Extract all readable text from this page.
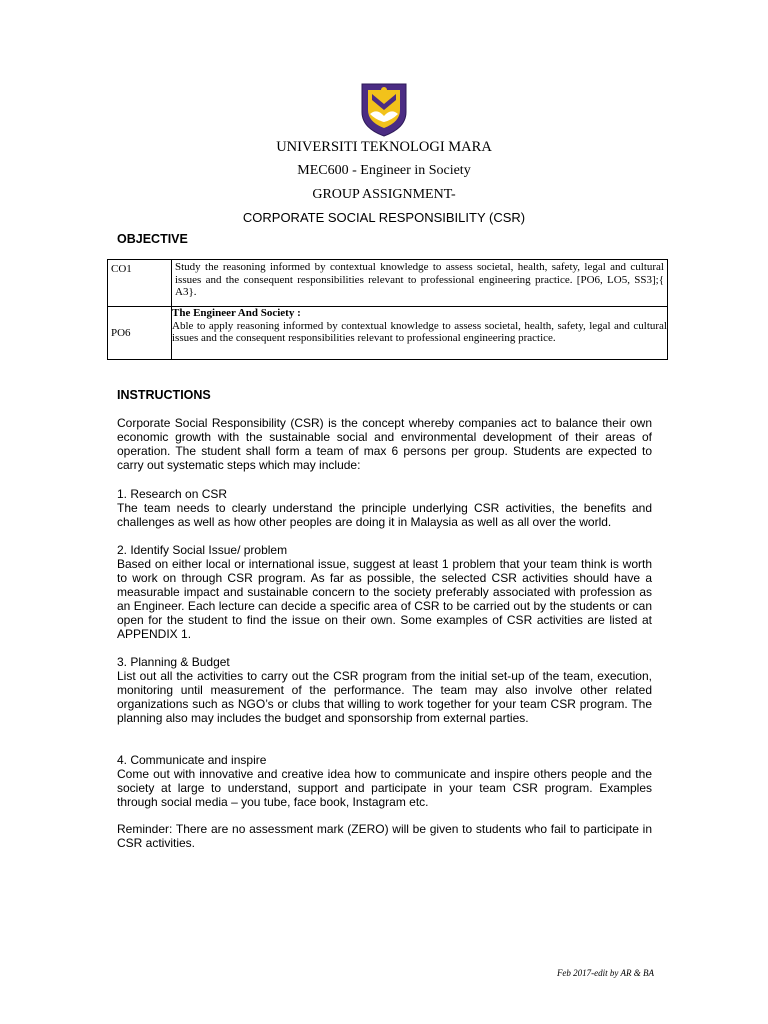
UNIVERSITI TEKNOLOGI MARA
MEC600 - Engineer in Society
GROUP ASSIGNMENT-
CORPORATE SOCIAL RESPONSIBILITY (CSR)
OBJECTIVE
CO1	Study the reasoning informed by contextual knowledge to assess societal, health, safety, legal and cultural issues and the consequent responsibilities relevant to professional engineering practice. [PO6, LO5, SS3];{ A3}.
PO6	The Engineer And Society :
Able to apply reasoning informed by contextual knowledge to assess societal, health, safety, legal and cultural issues and the consequent responsibilities relevant to professional engineering practice.
INSTRUCTIONS
Corporate Social Responsibility (CSR) is the concept whereby companies act to balance their own economic growth with the sustainable social and environmental development of their areas of operation. The student shall form a team of max 6 persons per group. Students are expected to carry out systematic steps which may include:
1. Research on CSR
The team needs to clearly understand the principle underlying CSR activities, the benefits and challenges as well as how other peoples are doing it in Malaysia as well as all over the world.
2. Identify Social Issue/ problem
Based on either local or international issue, suggest at least 1 problem that your team think is worth to work on through CSR program. As far as possible, the selected CSR activities should have a measurable impact and sustainable concern to the society preferably associated with profession as an Engineer. Each lecture can decide a specific area of CSR to be carried out by the students or can open for the student to find the issue on their own. Some examples of CSR activities are listed at APPENDIX 1.
3. Planning & Budget
List out all the activities to carry out the CSR program from the initial set-up of the team, execution, monitoring until measurement of the performance. The team may also involve other related organizations such as NGO’s or clubs that willing to work together for your team CSR program. The planning also may includes the budget and sponsorship from external parties.
4. Communicate and inspire
Come out with innovative and creative idea how to communicate and inspire others people and the society at large to understand, support and participate in your team CSR program. Examples through social media – you tube, face book, Instagram etc.
Reminder: There are no assessment mark (ZERO) will be given to students who fail to participate in CSR activities.
Feb 2017-edit by AR & BA
